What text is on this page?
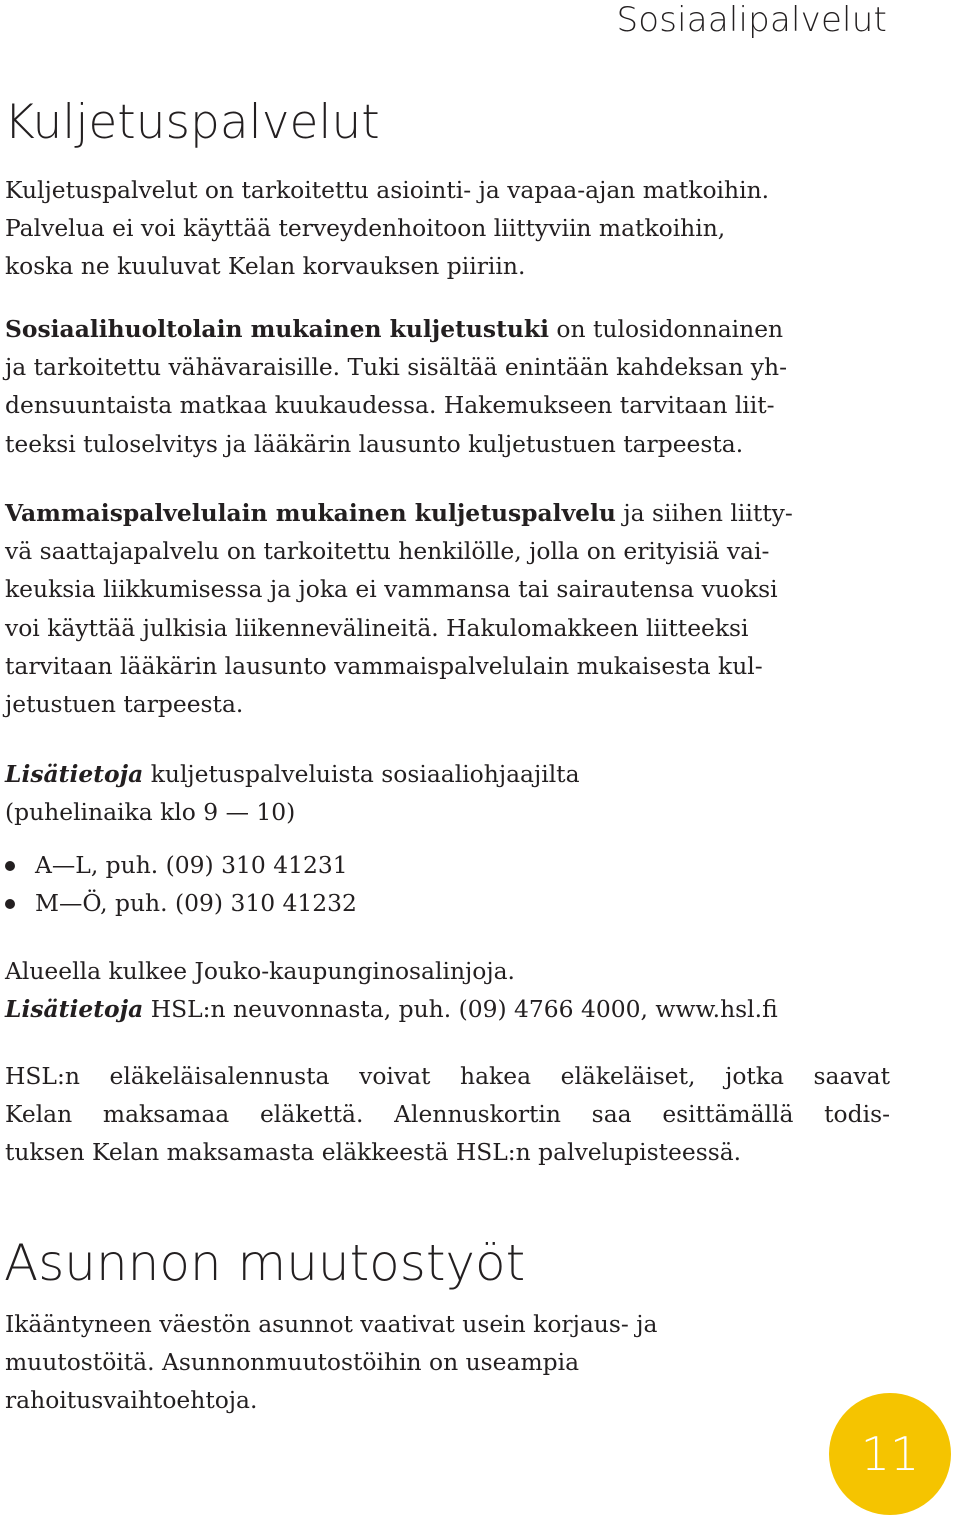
Sosiaalipalvelut
Kuljetuspalvelut

Kuljetuspalvelut on tarkoitettu asiointi- ja vapaa-ajan matkoihin.
Palvelua ei voi käyttää terveydenhoitoon liittyviin matkoihin,
koska ne kuuluvat Kelan korvauksen piiriin.

Sosiaalihuoltolain mukainen kuljetustuki on tulosidonnainen
ja tarkoitettu vähävaraisille. Tuki sisältää enintään kahdeksan yh-
densuuntaista matkaa kuukaudessa. Hakemukseen tarvitaan liit-
teeksi tuloselvitys ja lääkärin lausunto kuljetustuen tarpeesta.

Vammaispalvelulain mukainen kuljetuspalvelu ja siihen liitty-
vä saattajapalvelu on tarkoitettu henkilölle, jolla on erityisiä vai-
keuksia liikkumisessa ja joka ei vammansa tai sairautensa vuoksi
voi käyttää julkisia liikennevälineitä. Hakulomakkeen liitteeksi
tarvitaan lääkärin lausunto vammaispalvelulain mukaisesta kul-
jetustuen tarpeesta.

Lisätietoja kuljetuspalveluista sosiaaliohjaajilta
(puhelinaika klo 9 — 10)

A—L, puh. (09) 310 41231
M—Ö, puh. (09) 310 41232

Alueella kulkee Jouko-kaupunginosalinjoja.
Lisätietoja HSL:n neuvonnasta, puh. (09) 4766 4000, www.hsl.fi

HSL:n eläkeläisalennusta voivat hakea eläkeläiset, jotka saavat
Kelan maksamaa eläkettä. Alennuskortin saa esittämällä todis-
tuksen Kelan maksamasta eläkkeestä HSL:n palvelupisteessä.

Asunnon muutostyöt

Ikääntyneen väestön asunnot vaativat usein korjaus- ja
muutostöitä. Asunnonmuutostöihin on useampia
rahoitusvaihtoehtoja.

11
